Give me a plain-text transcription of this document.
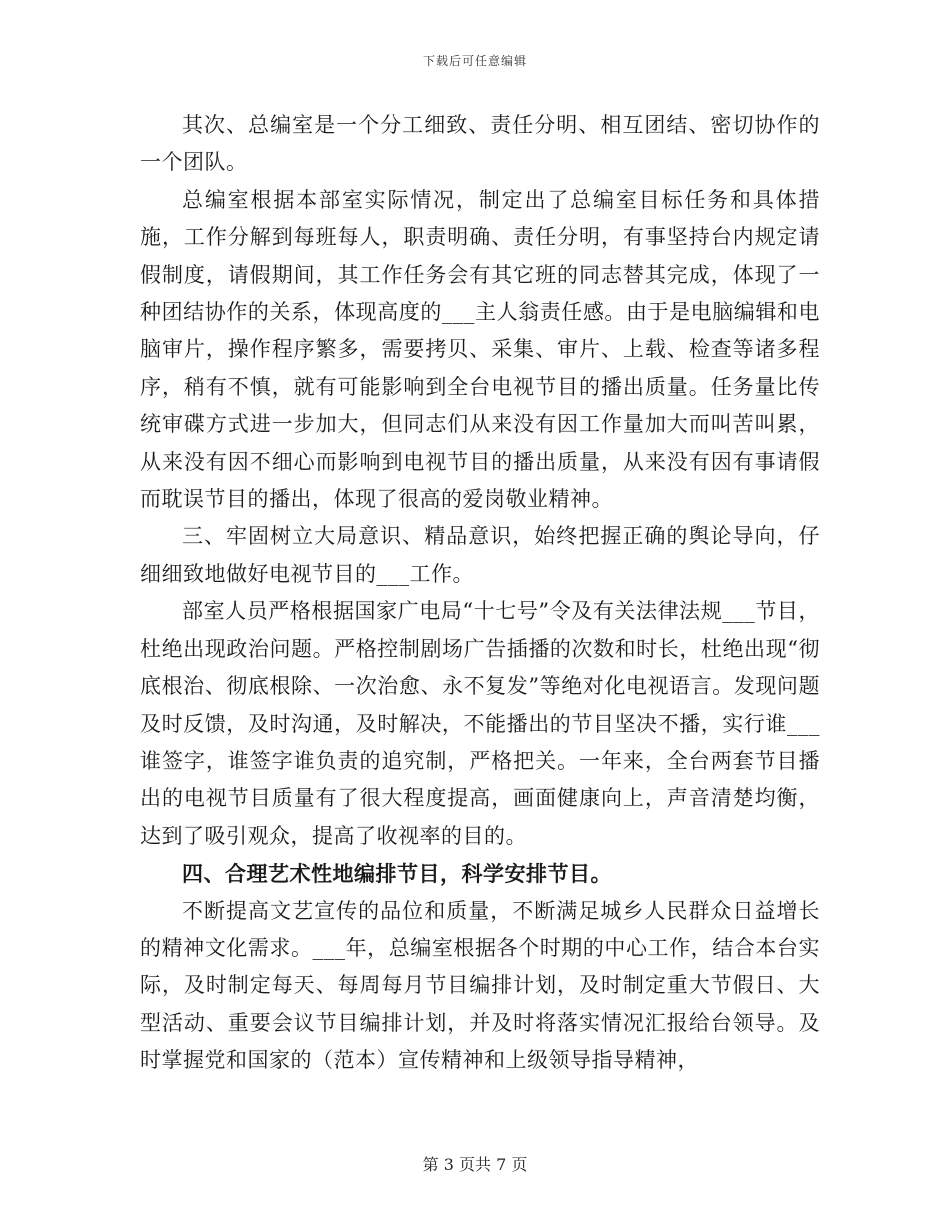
下载后可任意编辑

其次、总编室是一个分工细致、责任分明、相互团结、密切协作的一个团队。

总编室根据本部室实际情况，制定出了总编室目标任务和具体措施，工作分解到每班每人，职责明确、责任分明，有事坚持台内规定请假制度，请假期间，其工作任务会有其它班的同志替其完成，体现了一种团结协作的关系，体现高度的___主人翁责任感。由于是电脑编辑和电脑审片，操作程序繁多，需要拷贝、采集、审片、上载、检查等诸多程序，稍有不慎，就有可能影响到全台电视节目的播出质量。任务量比传统审碟方式进一步加大，但同志们从来没有因工作量加大而叫苦叫累，从来没有因不细心而影响到电视节目的播出质量，从来没有因有事请假而耽误节目的播出，体现了很高的爱岗敬业精神。

三、牢固树立大局意识、精品意识，始终把握正确的舆论导向，仔细细致地做好电视节目的___工作。

部室人员严格根据国家广电局“十七号”令及有关法律法规___节目，杜绝出现政治问题。严格控制剧场广告插播的次数和时长，杜绝出现“彻底根治、彻底根除、一次治愈、永不复发”等绝对化电视语言。发现问题及时反馈，及时沟通，及时解决，不能播出的节目坚决不播，实行谁___谁签字，谁签字谁负责的追究制，严格把关。一年来，全台两套节目播出的电视节目质量有了很大程度提高，画面健康向上，声音清楚均衡，达到了吸引观众，提高了收视率的目的。

四、合理艺术性地编排节目，科学安排节目。

不断提高文艺宣传的品位和质量，不断满足城乡人民群众日益增长的精神文化需求。___年，总编室根据各个时期的中心工作，结合本台实际，及时制定每天、每周每月节目编排计划，及时制定重大节假日、大型活动、重要会议节目编排计划，并及时将落实情况汇报给台领导。及时掌握党和国家的（范本）宣传精神和上级领导指导精神，

第 3 页共 7 页
